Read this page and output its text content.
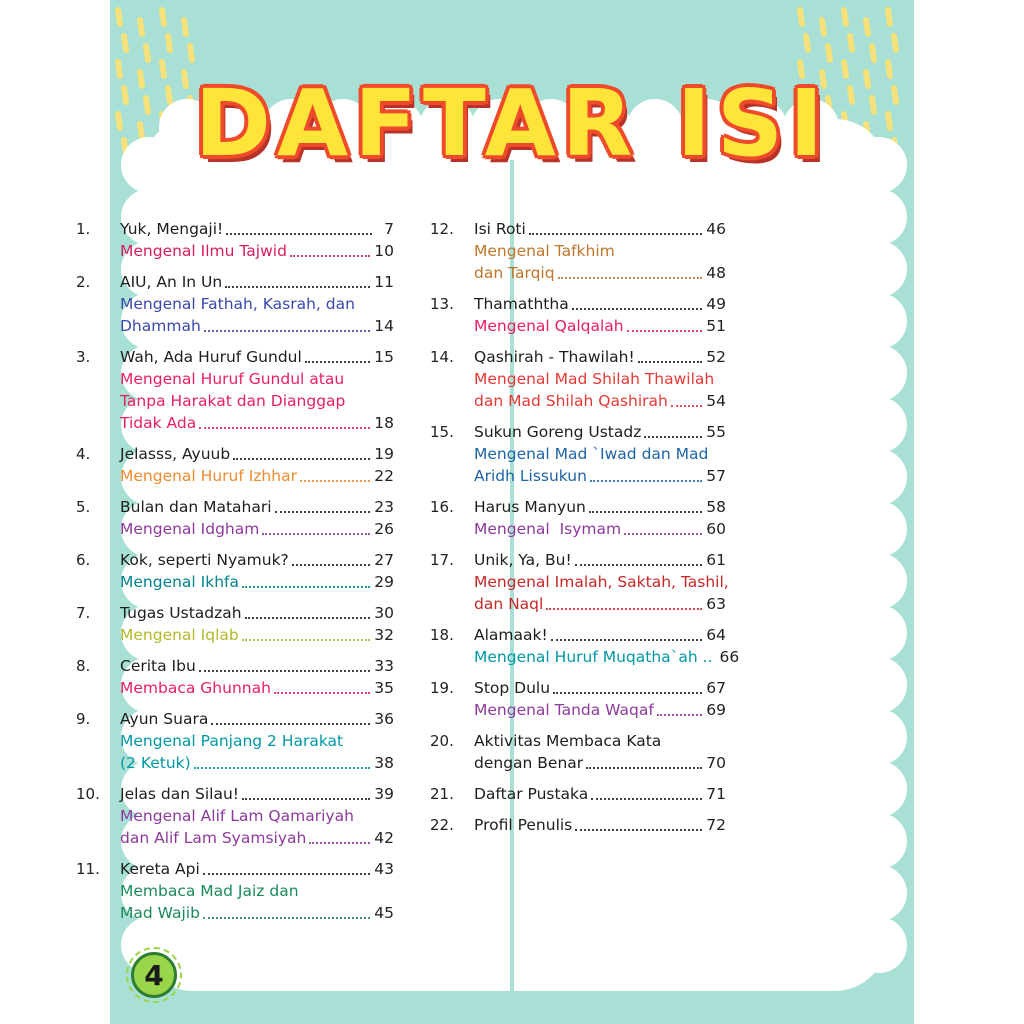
DAFTAR ISI
1. Yuk, Mengaji!	7
Mengenal Ilmu Tajwid	10
2. AIU, An In Un	11
Mengenal Fathah, Kasrah, dan
Dhammah	14
3. Wah, Ada Huruf Gundul	15
Mengenal Huruf Gundul atau
Tanpa Harakat dan Dianggap
Tidak Ada	18
4. Jelasss, Ayuub	19
Mengenal Huruf Izhhar	22
5. Bulan dan Matahari	23
Mengenal Idgham	26
6. Kok, seperti Nyamuk?	27
Mengenal Ikhfa	29
7. Tugas Ustadzah	30
Mengenal Iqlab	32
8. Cerita Ibu	33
Membaca Ghunnah	35
9. Ayun Suara	36
Mengenal Panjang 2 Harakat
(2 Ketuk)	38
10. Jelas dan Silau!	39
Mengenal Alif Lam Qamariyah
dan Alif Lam Syamsiyah	42
11. Kereta Api	43
Membaca Mad Jaiz dan
Mad Wajib	45
12. Isi Roti	46
Mengenal Tafkhim
dan Tarqiq	48
13. Thamaththa	49
Mengenal Qalqalah	51
14. Qashirah - Thawilah!	52
Mengenal Mad Shilah Thawilah
dan Mad Shilah Qashirah 54
15. Sukun Goreng Ustadz	55
Mengenal Mad `Iwad dan Mad
Aridh Lissukun	57
16. Harus Manyun	58
Mengenal  Isymam	60
17. Unik, Ya, Bu!	61
Mengenal Imalah, Saktah, Tashil,
dan Naql	63
18. Alamaak!	64
Mengenal Huruf Muqatha`ah .. 66
19. Stop Dulu	67
Mengenal Tanda Waqaf	69
20. Aktivitas Membaca Kata
dengan Benar	70
21. Daftar Pustaka	71
22. Profil Penulis	72
4
